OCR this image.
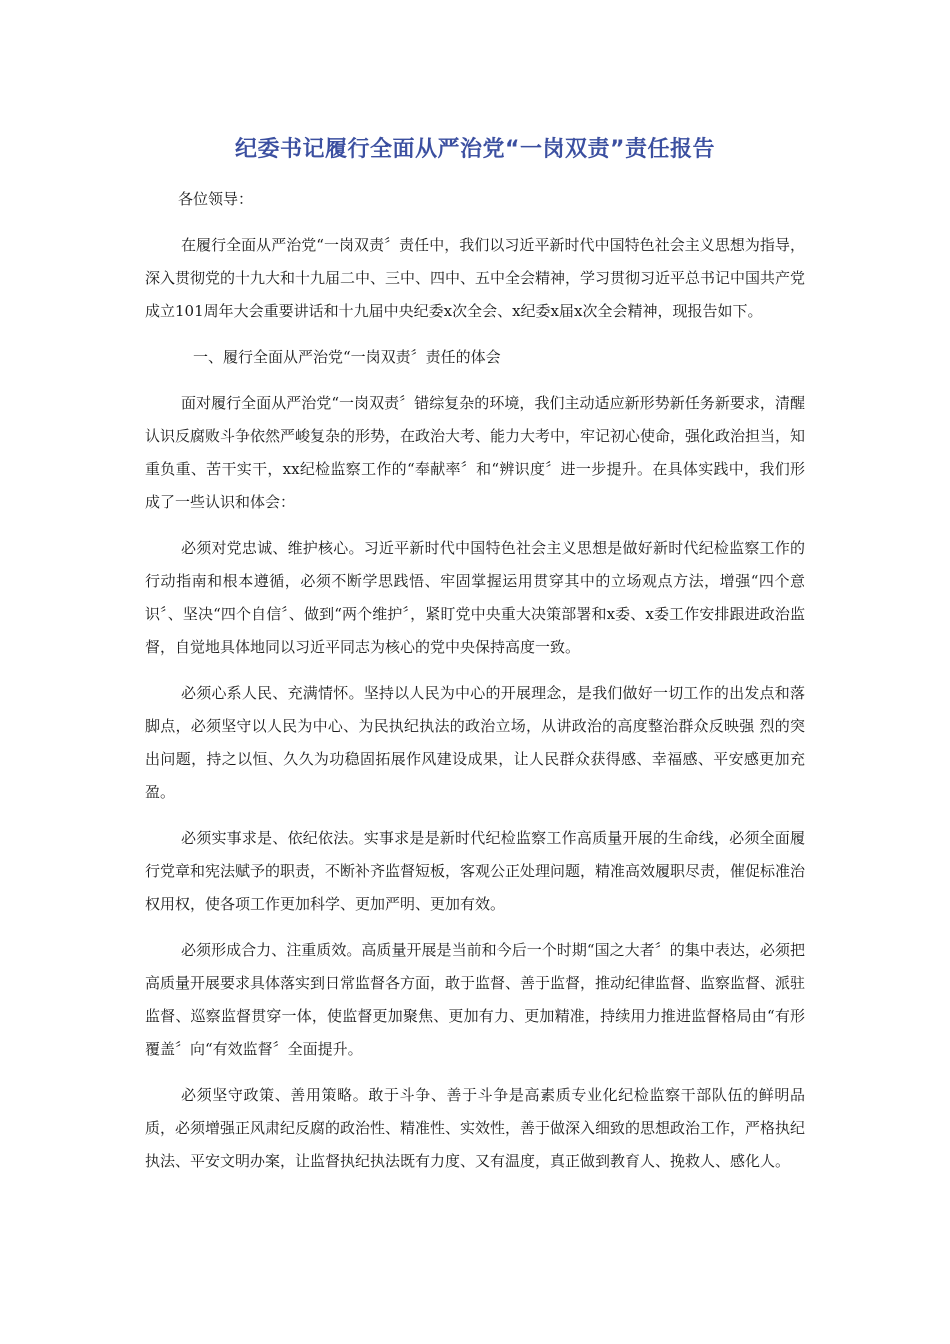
纪委书记履行全面从严治党“一岗双责”责任报告

各位领导：

在履行全面从严治党“一岗双责〞责任中，我们以习近平新时代中国特色社会主义思想为指导，深入贯彻党的十九大和十九届二中、三中、四中、五中全会精神，学习贯彻习近平总书记中国共产党成立101周年大会重要讲话和十九届中央纪委x次全会、x纪委x届x次全会精神，现报告如下。

一、履行全面从严治党“一岗双责〞责任的体会

面对履行全面从严治党“一岗双责〞错综复杂的环境，我们主动适应新形势新任务新要求，清醒认识反腐败斗争依然严峻复杂的形势，在政治大考、能力大考中，牢记初心使命，强化政治担当，知重负重、苦干实干，xx纪检监察工作的“奉献率〞和“辨识度〞进一步提升。在具体实践中，我们形成了一些认识和体会：

必须对党忠诚、维护核心。习近平新时代中国特色社会主义思想是做好新时代纪检监察工作的行动指南和根本遵循，必须不断学思践悟、牢固掌握运用贯穿其中的立场观点方法，增强“四个意识〞、坚决“四个自信〞、做到“两个维护〞，紧盯党中央重大决策部署和x委、x委工作安排跟进政治监督，自觉地具体地同以习近平同志为核心的党中央保持高度一致。

必须心系人民、充满情怀。坚持以人民为中心的开展理念，是我们做好一切工作的出发点和落脚点，必须坚守以人民为中心、为民执纪执法的政治立场，从讲政治的高度整治群众反映强 烈的突出问题，持之以恒、久久为功稳固拓展作风建设成果，让人民群众获得感、幸福感、平安感更加充盈。

必须实事求是、依纪依法。实事求是是新时代纪检监察工作高质量开展的生命线，必须全面履行党章和宪法赋予的职责，不断补齐监督短板，客观公正处理问题，精准高效履职尽责，催促标准治权用权，使各项工作更加科学、更加严明、更加有效。

必须形成合力、注重质效。高质量开展是当前和今后一个时期“国之大者〞的集中表达，必须把高质量开展要求具体落实到日常监督各方面，敢于监督、善于监督，推动纪律监督、监察监督、派驻监督、巡察监督贯穿一体，使监督更加聚焦、更加有力、更加精准，持续用力推进监督格局由“有形覆盖〞向“有效监督〞全面提升。

必须坚守政策、善用策略。敢于斗争、善于斗争是高素质专业化纪检监察干部队伍的鲜明品质，必须增强正风肃纪反腐的政治性、精准性、实效性，善于做深入细致的思想政治工作，严格执纪执法、平安文明办案，让监督执纪执法既有力度、又有温度，真正做到教育人、挽救人、感化人。
